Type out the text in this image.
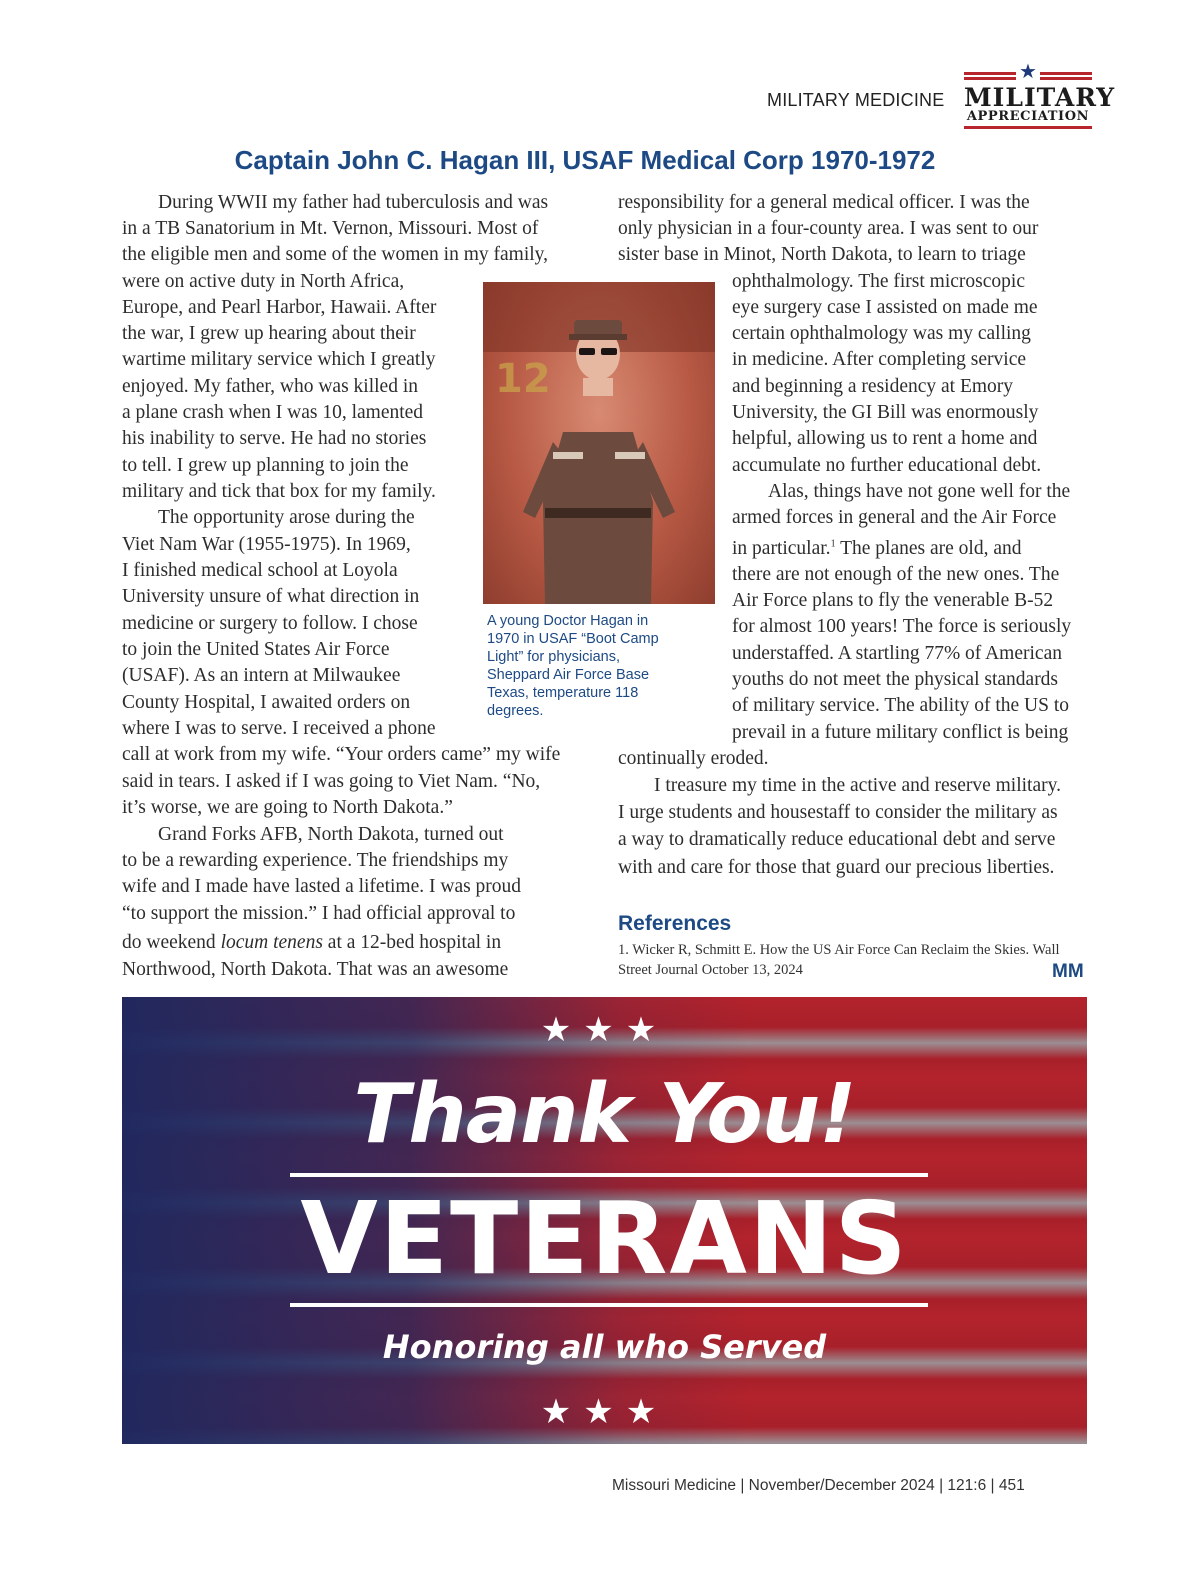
MILITARY MEDICINE
★
MILITARY
APPRECIATION
Captain John C. Hagan III, USAF Medical Corp 1970-1972
During WWII my father had tuberculosis and was
in a TB Sanatorium in Mt. Vernon, Missouri. Most of
the eligible men and some of the women in my family,
were on active duty in North Africa,
Europe, and Pearl Harbor, Hawaii. After
the war, I grew up hearing about their
wartime military service which I greatly
enjoyed. My father, who was killed in
a plane crash when I was 10, lamented
his inability to serve. He had no stories
to tell. I grew up planning to join the
military and tick that box for my family.
The opportunity arose during the
Viet Nam War (1955-1975). In 1969,
I finished medical school at Loyola
University unsure of what direction in
medicine or surgery to follow. I chose
to join the United States Air Force
(USAF). As an intern at Milwaukee
County Hospital, I awaited orders on
where I was to serve. I received a phone
call at work from my wife. “Your orders came” my wife
said in tears. I asked if I was going to Viet Nam. “No,
it’s worse, we are going to North Dakota.”
Grand Forks AFB, North Dakota, turned out
to be a rewarding experience. The friendships my
wife and I made have lasted a lifetime. I was proud
“to support the mission.” I had official approval to
do weekend locum tenens at a 12-bed hospital in
Northwood, North Dakota. That was an awesome
12
A young Doctor Hagan in
1970 in USAF “Boot Camp
Light” for physicians,
Sheppard Air Force Base
Texas, temperature 118
degrees.
responsibility for a general medical officer. I was the
only physician in a four-county area. I was sent to our
sister base in Minot, North Dakota, to learn to triage
ophthalmology. The first microscopic
eye surgery case I assisted on made me
certain ophthalmology was my calling
in medicine. After completing service
and beginning a residency at Emory
University, the GI Bill was enormously
helpful, allowing us to rent a home and
accumulate no further educational debt.
Alas, things have not gone well for the
armed forces in general and the Air Force
in particular.$^1$ The planes are old, and
there are not enough of the new ones. The
Air Force plans to fly the venerable B-52
for almost 100 years! The force is seriously
understaffed. A startling 77% of American
youths do not meet the physical standards
of military service. The ability of the US to
prevail in a future military conflict is being
continually eroded.
I treasure my time in the active and reserve military.
I urge students and housestaff to consider the military as
a way to dramatically reduce educational debt and serve
with and care for those that guard our precious liberties.
References
1. Wicker R, Schmitt E. How the US Air Force Can Reclaim the Skies. Wall
Street Journal October 13, 2024	MM
★★★
Thank You!
VETERANS
Honoring all who Served
★★★
Missouri Medicine | November/December 2024 | 121:6 | 451
